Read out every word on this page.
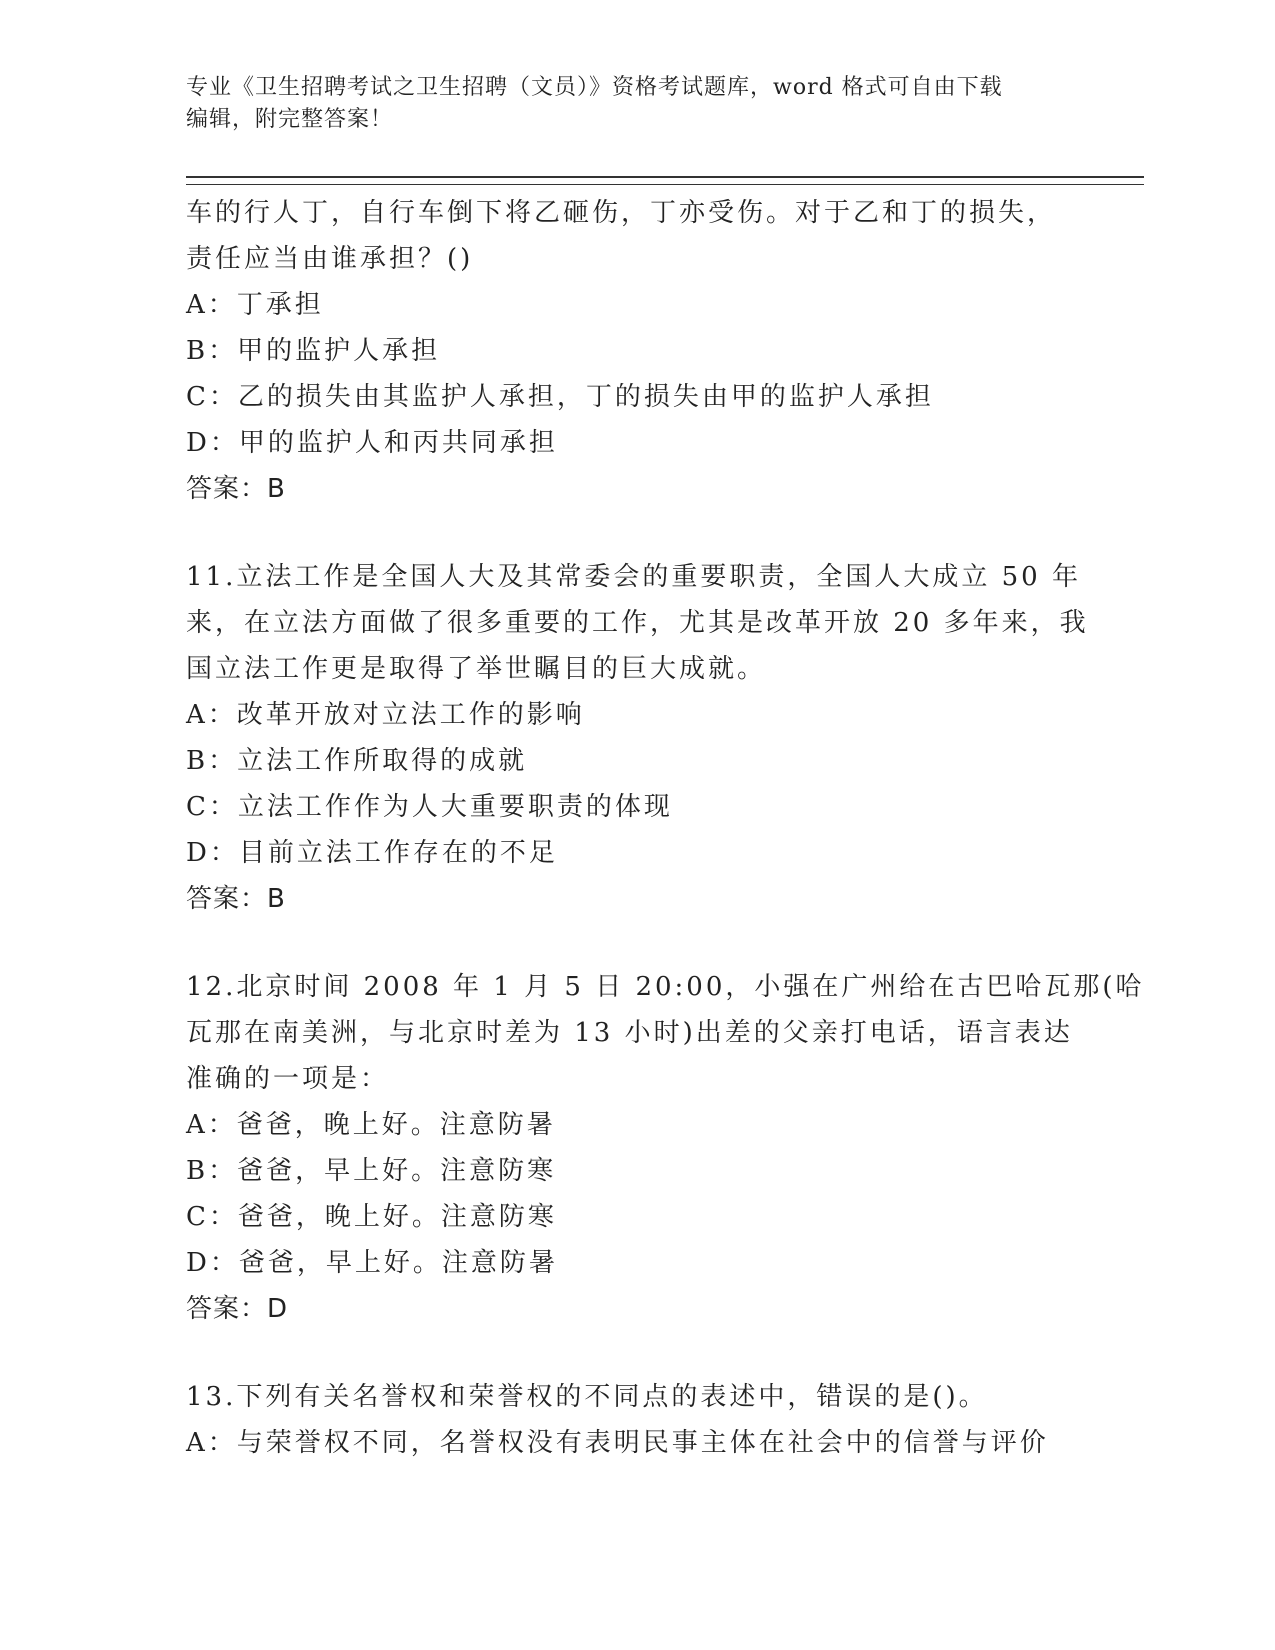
专业《卫生招聘考试之卫生招聘（文员）》资格考试题库，word 格式可自由下载
编辑，附完整答案！
车的行人丁，自行车倒下将乙砸伤，丁亦受伤。对于乙和丁的损失，
责任应当由谁承担？()
A：丁承担
B：甲的监护人承担
C：乙的损失由其监护人承担，丁的损失由甲的监护人承担
D：甲的监护人和丙共同承担
答案：B
11.立法工作是全国人大及其常委会的重要职责，全国人大成立 50 年
来，在立法方面做了很多重要的工作，尤其是改革开放 20 多年来，我
国立法工作更是取得了举世瞩目的巨大成就。
A：改革开放对立法工作的影响
B：立法工作所取得的成就
C：立法工作作为人大重要职责的体现
D：目前立法工作存在的不足
答案：B
12.北京时间 2008 年 1 月 5 日 20:00，小强在广州给在古巴哈瓦那(哈
瓦那在南美洲，与北京时差为 13 小时)出差的父亲打电话，语言表达
准确的一项是：
A：爸爸，晚上好。注意防暑
B：爸爸，早上好。注意防寒
C：爸爸，晚上好。注意防寒
D：爸爸，早上好。注意防暑
答案：D
13.下列有关名誉权和荣誉权的不同点的表述中，错误的是()。
A：与荣誉权不同，名誉权没有表明民事主体在社会中的信誉与评价
